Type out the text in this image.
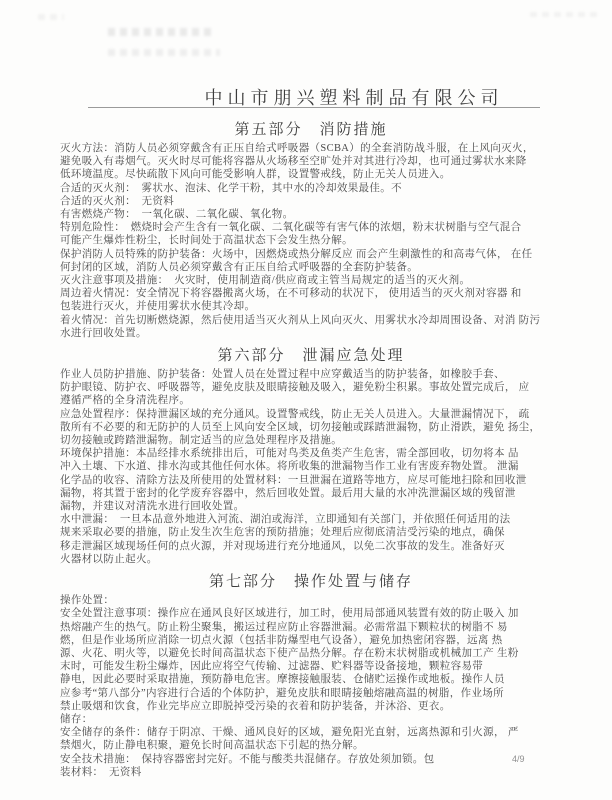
中山市朋兴塑料制品有限公司
第五部分　消防措施
灭火方法：消防人员必须穿戴含有正压自给式呼吸器（SCBA）的全套消防战斗服，在上风向灭火，
避免吸入有毒烟气。灭火时尽可能将容器从火场移至空旷处并对其进行冷却，也可通过雾状水来降
低环境温度。尽快疏散下风向可能受影响人群，设置警戒线，防止无关人员进入。
合适的灭火剂：　雾状水、泡沫、化学干粉，其中水的冷却效果最佳。不
合适的灭火剂：　无资料
有害燃烧产物：　一氧化碳、二氧化碳、氧化物。
特别危险性：　燃烧时会产生含有一氧化碳、二氧化碳等有害气体的浓烟，粉末状树脂与空气混合
可能产生爆炸性粉尘，长时间处于高温状态下会发生热分解。
保护消防人员特殊的防护装备：火场中，因燃烧或热分解反应 而会产生刺激性的和高毒气体， 在任
何封闭的区域，消防人员必须穿戴含有正压自给式呼吸器的全套防护装备。
灭火注意事项及措施：　火灾时，使用制造商/供应商或主管当局规定的适当的灭火剂。
周边着火情况：安全情况下将容器搬离火场，在不可移动的状况下， 使用适当的灭火剂对容器 和
包装进行灭火，并使用雾状水使其冷却。
着火情况：首先切断燃烧源，然后使用适当灭火剂从上风向灭火、用雾状水冷却周围设备、对消 防污
水进行回收处置。
第六部分　泄漏应急处理
作业人员防护措施、防护装备：处置人员在处置过程中应穿戴适当的防护装备，如橡胶手套、
防护眼镜、防护衣、呼吸器等，避免皮肤及眼睛接触及吸入，避免粉尘积累。事故处置完成后， 应
遵循严格的全身清洗程序。
应急处置程序：保持泄漏区域的充分通风。设置警戒线，防止无关人员进入。大量泄漏情况下， 疏
散所有不必要的和无防护的人员至上风向安全区域，切勿接触或踩踏泄漏物，防止滑跌，避免 扬尘，
切勿接触或跨踏泄漏物。制定适当的应急处理程序及措施。
环境保护措施：本品经排水系统排出后，可能对鸟类及鱼类产生危害，需全部回收，切勿将本 品
冲入土壤、下水道、排水沟或其他任何水体。将所收集的泄漏物当作工业有害废弃物处置。 泄漏
化学品的收容、清除方法及所使用的处置材料：一旦泄漏在道路等地方，应尽可能地扫除和回收泄
漏物，将其置于密封的化学废弃容器中，然后回收处置。最后用大量的水冲洗泄漏区域的残留泄
漏物，并建议对清洗水进行回收处置。
水中泄漏：　一旦本品意外地进入河流、湖泊或海洋，立即通知有关部门，并依照任何适用的法
规来采取必要的措施，防止发生次生危害的预防措施；处理后应彻底清洁受污染的地点，确保
移走泄漏区域现场任何的点火源，并对现场进行充分地通风，以免二次事故的发生。准备好灭
火器材以防止起火。
第七部分　操作处置与储存
操作处置：
安全处置注意事项：操作应在通风良好区域进行，加工时，使用局部通风装置有效的防止吸入 加
热熔融产生的热气。防止粉尘聚集，搬运过程应防止容器泄漏。必需常温下颗粒状的树脂不 易
燃，但是作业场所应消除一切点火源（包括非防爆型电气设备），避免加热密闭容器，远离 热
源、火花、明火等，以避免长时间高温状态下使产品热分解。存在粉末状树脂或机械加工产 生粉
末时，可能发生粉尘爆炸，因此应将空气传输、过滤器、贮料器等设备接地，颗粒容易带
静电，因此必要时采取措施，预防静电危害。摩擦接触服装、仓储贮运操作或地板。操作人员
应参考“第八部分”内容进行合适的个体防护，避免皮肤和眼睛接触熔融高温的树脂，作业场所
禁止吸烟和饮食，作业完毕应立即脱掉受污染的衣着和防护装备，并沐浴、更衣。
储存：
安全储存的条件：储存于阴凉、干燥、通风良好的区域，避免阳光直射，远离热源和引火源， 严
禁烟火，防止静电积聚，避免长时间高温状态下引起的热分解。
安全技术措施：　保持容器密封完好。不能与酸类共混储存。存放处须加锁。包
装材料：　无资料
4/9
